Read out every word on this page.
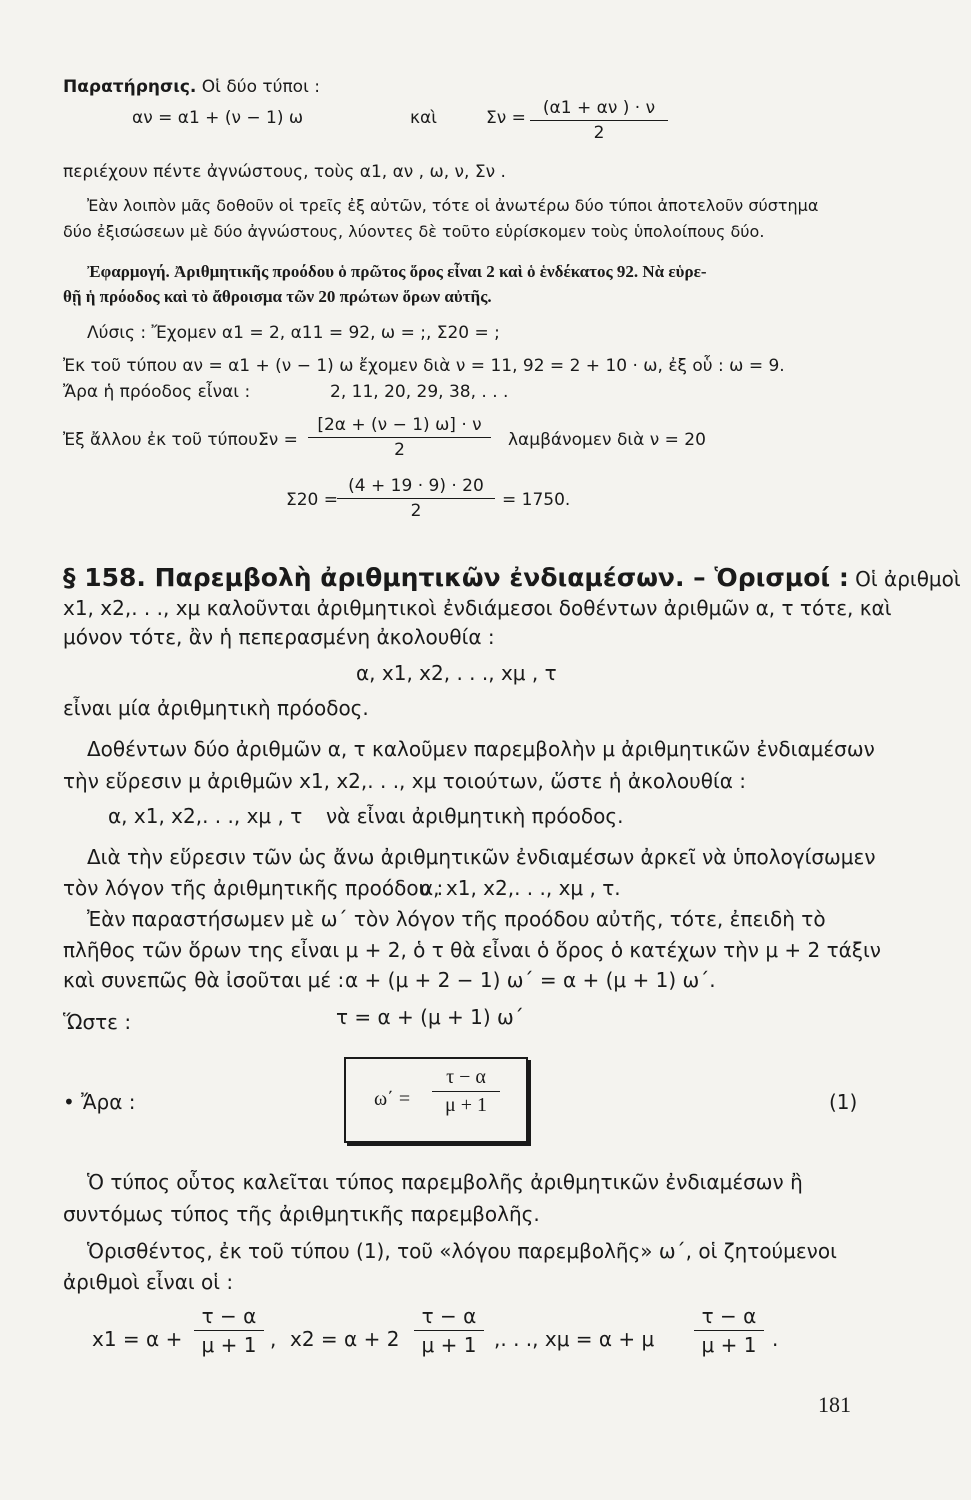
Παρατήρησις. Οἱ δύο τύποι :
αν = α1 + (ν − 1) ω	καὶ	$\Sigma\nu = \frac{(\alpha 1 + \alpha\nu ) \cdot \nu}{2}$
περιέχουν πέντε ἀγνώστους, τοὺς α1, αν , ω, ν, Σν .
Ἐὰν λοιπὸν μᾶς δοθοῦν οἱ τρεῖς ἐξ αὐτῶν, τότε οἱ ἀνωτέρω δύο τύποι ἀποτελοῦν σύστημα
δύο ἐξισώσεων μὲ δύο ἀγνώστους, λύοντες δὲ τοῦτο εὑρίσκομεν τοὺς ὑπολοίπους δύο.
Ἐφαρμογή. Ἀριθμητικῆς προόδου ὁ πρῶτος ὅρος εἶναι 2 καὶ ὁ ἑνδέκατος 92. Νὰ εὑρε-
θῇ ἡ πρόοδος καὶ τὸ ἄθροισμα τῶν 20 πρώτων ὅρων αὐτῆς.
Λύσις : Ἔχομεν α1 = 2, α11 = 92, ω = ;, Σ20 = ;
Ἐκ τοῦ τύπου αν = α1 + (ν − 1) ω ἔχομεν διὰ ν = 11, 92 = 2 + 10 · ω, ἐξ οὗ : ω = 9.
Ἄρα ἡ πρόοδος εἶναι :	2, 11, 20, 29, 38, . . .
Ἐξ ἄλλου ἐκ τοῦ τύπου :
$\Sigma\nu = \frac{[2\alpha + (\nu - 1) \omega] \cdot \nu}{2}$ λαμβάνομεν διὰ ν = 20
Σ20 =
$\frac{(4 + 19 \cdot 9) \cdot 20}{2} = 1750$.
§ 158. Παρεμβολὴ ἀριθμητικῶν ἐνδιαμέσων. – Ὁρισμοί : Οἱ ἀριθμοὶ
x1, x2,. . ., xμ καλοῦνται ἀριθμητικοὶ ἐνδιάμεσοι δοθέντων ἀριθμῶν α, τ τότε, καὶ
μόνον τότε, ἂν ἡ πεπερασμένη ἀκολουθία :
α, x1, x2, . . ., xμ , τ
εἶναι μία ἀριθμητικὴ πρόοδος.
Δοθέντων δύο ἀριθμῶν α, τ καλοῦμεν παρεμβολὴν μ ἀριθμητικῶν ἐνδιαμέσων
τὴν εὕρεσιν μ ἀριθμῶν x1, x2,. . ., xμ τοιούτων, ὥστε ἡ ἀκολουθία :
α, x1, x2,. . ., xμ , τ νὰ εἶναι ἀριθμητικὴ πρόοδος.
Διὰ τὴν εὕρεσιν τῶν ὡς ἄνω ἀριθμητικῶν ἐνδιαμέσων ἀρκεῖ νὰ ὑπολογίσωμεν
τὸν λόγον τῆς ἀριθμητικῆς προόδου :
α, x1, x2,. . ., xμ , τ.
Ἐὰν παραστήσωμεν μὲ ω΄ τὸν λόγον τῆς προόδου αὐτῆς, τότε, ἐπειδὴ τὸ
πλῆθος τῶν ὅρων της εἶναι μ + 2, ὁ τ θὰ εἶναι ὁ ὅρος ὁ κατέχων τὴν μ + 2 τάξιν
καὶ συνεπῶς θὰ ἰσοῦται μέ : α + (μ + 2 − 1) ω΄ = α + (μ + 1) ω΄.
Ὥστε :	τ = α + (μ + 1) ω΄
• Ἄρα :	$\omega΄ = \frac{\tau - \alpha}{\mu + 1}$	(1)
Ὁ τύπος οὗτος καλεῖται τύπος παρεμβολῆς ἀριθμητικῶν ἐνδιαμέσων ἢ
συντόμως τύπος τῆς ἀριθμητικῆς παρεμβολῆς.
Ὁρισθέντος, ἐκ τοῦ τύπου (1), τοῦ «λόγου παρεμβολῆς» ω΄, οἱ ζητούμενοι
ἀριθμοὶ εἶναι οἱ :
$x1 = \alpha + \frac{\tau - \alpha}{\mu + 1}$ , $x2 = \alpha + 2 \frac{\tau - \alpha}{\mu + 1}$ ,. . ., xμ = α + μ $\frac{\tau - \alpha}{\mu + 1}$ .
181
